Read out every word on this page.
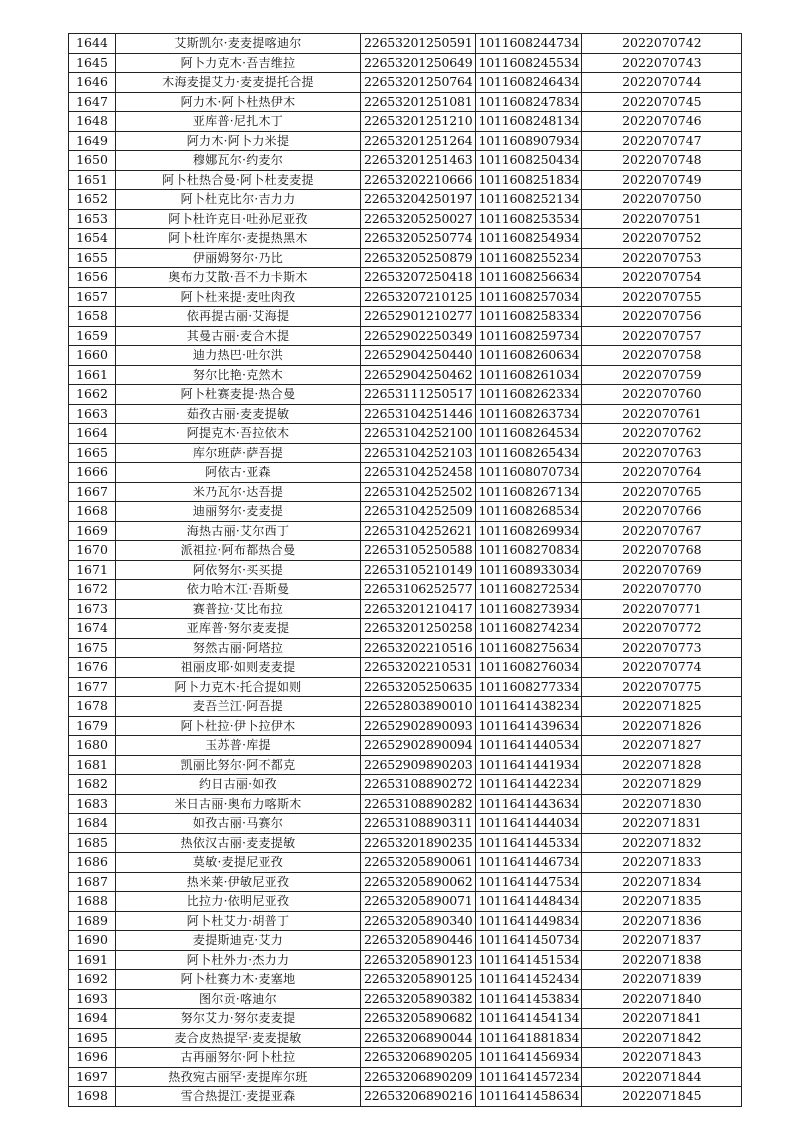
1644	艾斯凯尔·麦麦提喀迪尔	22653201250591	1011608244734	2022070742
1645	阿卜力克木·吾吉维拉	22653201250649	1011608245534	2022070743
1646	木海麦提艾力·麦麦提托合提	22653201250764	1011608246434	2022070744
1647	阿力木·阿卜杜热伊木	22653201251081	1011608247834	2022070745
1648	亚库普·尼扎木丁	22653201251210	1011608248134	2022070746
1649	阿力木·阿卜力米提	22653201251264	1011608907934	2022070747
1650	穆娜瓦尔·约麦尔	22653201251463	1011608250434	2022070748
1651	阿卜杜热合曼·阿卜杜麦麦提	22653202210666	1011608251834	2022070749
1652	阿卜杜克比尔·吉力力	22653204250197	1011608252134	2022070750
1653	阿卜杜许克日·吐孙尼亚孜	22653205250027	1011608253534	2022070751
1654	阿卜杜许库尔·麦提热黑木	22653205250774	1011608254934	2022070752
1655	伊丽姆努尔·乃比	22653205250879	1011608255234	2022070753
1656	奥布力艾散·吾不力卡斯木	22653207250418	1011608256634	2022070754
1657	阿卜杜来提·麦吐肉孜	22653207210125	1011608257034	2022070755
1658	依再提古丽·艾海提	22652901210277	1011608258334	2022070756
1659	其曼古丽·麦合木提	22652902250349	1011608259734	2022070757
1660	迪力热巴·吐尔洪	22652904250440	1011608260634	2022070758
1661	努尔比艳·克然木	22652904250462	1011608261034	2022070759
1662	阿卜杜赛麦提·热合曼	22653111250517	1011608262334	2022070760
1663	茹孜古丽·麦麦提敏	22653104251446	1011608263734	2022070761
1664	阿提克木·吾拉依木	22653104252100	1011608264534	2022070762
1665	库尔班萨·萨吾提	22653104252103	1011608265434	2022070763
1666	阿依古·亚森	22653104252458	1011608070734	2022070764
1667	米乃瓦尔·达吾提	22653104252502	1011608267134	2022070765
1668	迪丽努尔·麦麦提	22653104252509	1011608268534	2022070766
1669	海热古丽·艾尔西丁	22653104252621	1011608269934	2022070767
1670	派祖拉·阿布都热合曼	22653105250588	1011608270834	2022070768
1671	阿依努尔·买买提	22653105210149	1011608933034	2022070769
1672	依力哈木江·吾斯曼	22653106252577	1011608272534	2022070770
1673	赛普拉·艾比布拉	22653201210417	1011608273934	2022070771
1674	亚库普·努尔麦麦提	22653201250258	1011608274234	2022070772
1675	努然古丽·阿塔拉	22653202210516	1011608275634	2022070773
1676	祖丽皮耶·如则麦麦提	22653202210531	1011608276034	2022070774
1677	阿卜力克木·托合提如则	22653205250635	1011608277334	2022070775
1678	麦吾兰江·阿吾提	22652803890010	1011641438234	2022071825
1679	阿卜杜拉·伊卜拉伊木	22652902890093	1011641439634	2022071826
1680	玉苏普·库提	22652902890094	1011641440534	2022071827
1681	凯丽比努尔·阿不都克	22652909890203	1011641441934	2022071828
1682	约日古丽·如孜	22653108890272	1011641442234	2022071829
1683	米日古丽·奥布力喀斯木	22653108890282	1011641443634	2022071830
1684	如孜古丽·马赛尔	22653108890311	1011641444034	2022071831
1685	热依汉古丽·麦麦提敏	22653201890235	1011641445334	2022071832
1686	莫敏·麦提尼亚孜	22653205890061	1011641446734	2022071833
1687	热米莱·伊敏尼亚孜	22653205890062	1011641447534	2022071834
1688	比拉力·依明尼亚孜	22653205890071	1011641448434	2022071835
1689	阿卜杜艾力·胡普丁	22653205890340	1011641449834	2022071836
1690	麦提斯迪克·艾力	22653205890446	1011641450734	2022071837
1691	阿卜杜外力·杰力力	22653205890123	1011641451534	2022071838
1692	阿卜杜赛力木·麦塞地	22653205890125	1011641452434	2022071839
1693	图尔贡·喀迪尔	22653205890382	1011641453834	2022071840
1694	努尔艾力·努尔麦麦提	22653205890682	1011641454134	2022071841
1695	麦合皮热提罕·麦麦提敏	22653206890044	1011641881834	2022071842
1696	古再丽努尔·阿卜杜拉	22653206890205	1011641456934	2022071843
1697	热孜宛古丽罕·麦提库尔班	22653206890209	1011641457234	2022071844
1698	雪合热提江·麦提亚森	22653206890216	1011641458634	2022071845
